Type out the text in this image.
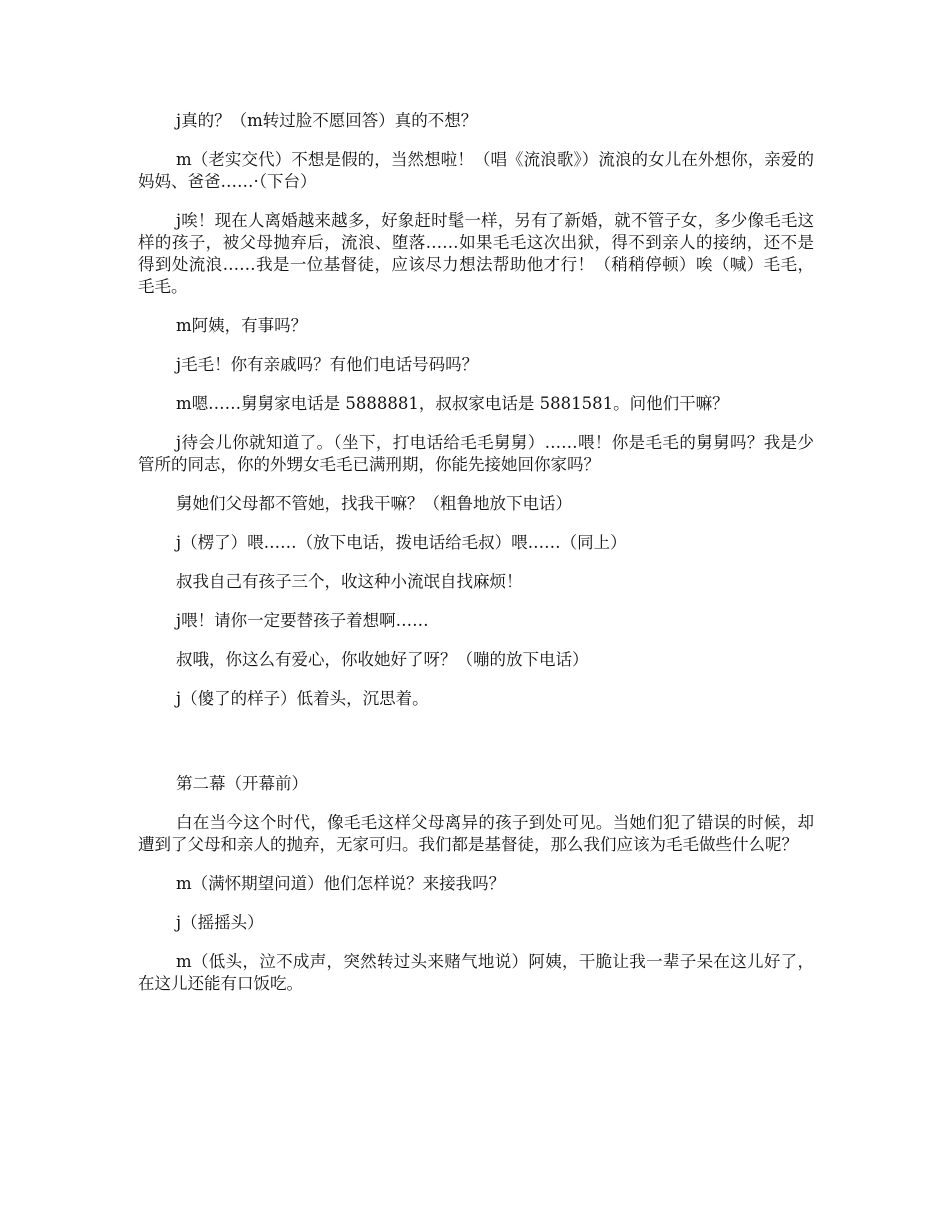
j真的？（m转过脸不愿回答）真的不想？

m（老实交代）不想是假的，当然想啦！（唱《流浪歌》）流浪的女儿在外想你，亲爱的妈妈、爸爸……·（下台）

j唉！现在人离婚越来越多，好象赶时髦一样，另有了新婚，就不管子女，多少像毛毛这样的孩子，被父母抛弃后，流浪、堕落……如果毛毛这次出狱，得不到亲人的接纳，还不是得到处流浪……我是一位基督徒，应该尽力想法帮助他才行！（稍稍停顿）唉（喊）毛毛，毛毛。

m阿姨，有事吗？

j毛毛！你有亲戚吗？有他们电话号码吗？

m嗯……舅舅家电话是 5888881，叔叔家电话是 5881581。问他们干嘛？

j待会儿你就知道了。（坐下，打电话给毛毛舅舅）……喂！你是毛毛的舅舅吗？我是少管所的同志，你的外甥女毛毛已满刑期，你能先接她回你家吗？

舅她们父母都不管她，找我干嘛？（粗鲁地放下电话）

j（楞了）喂……（放下电话，拨电话给毛叔）喂……（同上）

叔我自己有孩子三个，收这种小流氓自找麻烦！

j喂！请你一定要替孩子着想啊……

叔哦，你这么有爱心，你收她好了呀？（嘣的放下电话）

j（傻了的样子）低着头，沉思着。

第二幕（开幕前）

白在当今这个时代，像毛毛这样父母离异的孩子到处可见。当她们犯了错误的时候，却遭到了父母和亲人的抛弃，无家可归。我们都是基督徒，那么我们应该为毛毛做些什么呢？

m（满怀期望问道）他们怎样说？来接我吗？

j（摇摇头）

m（低头，泣不成声，突然转过头来赌气地说）阿姨，干脆让我一辈子呆在这儿好了，在这儿还能有口饭吃。
